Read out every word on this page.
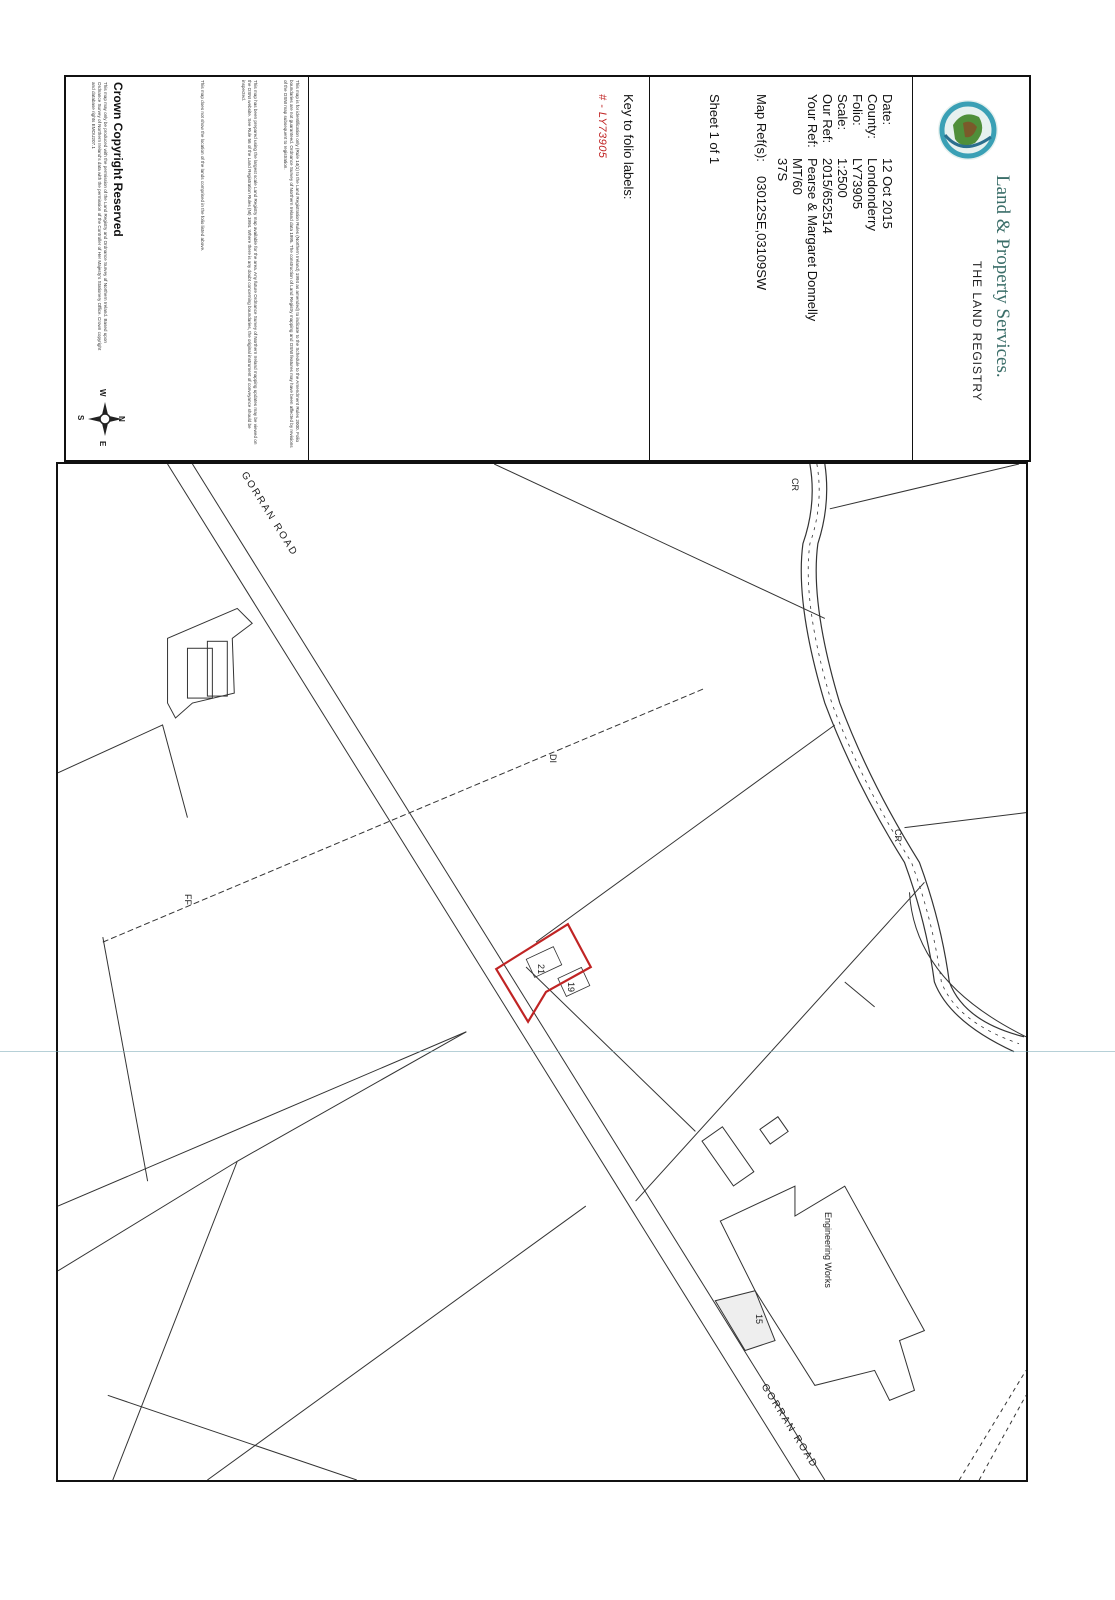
Land & Property Services.
THE LAND REGISTRY
Date:
12 Oct 2015
County:
Londonderry
Folio:
LY73905
Scale:
1:2500
Our Ref:
2015/652514
Your Ref:
Pearse & Margaret Donnelly
MT/60
37S
Map Ref(s):
03012SE,03109SW
Sheet 1 of 1
Key to folio labels:
# - LY73905
This map is for identification only (Rule 14(1) to the Land Registration Rules (Northern Ireland) 1994 as amended) to indicate to the Schedule to the Amendment Rules 2000. Folio boundaries are not guaranteed. Ordnance Survey of Northern Ireland data 1995. The construction of Land Registry mapping and OSNI features may have been affected by revisions of the OSNI map subsequent to registration.
This map has been prepared using the largest scale Land Registry map available for the area. Any future Ordnance Survey of Northern Ireland mapping updates may be viewed on the OSNI website. See Rule 56 of the Land Registration Rules (NI) 1994. Where there is any doubt concerning boundaries, the original instrument of conveyance should be inspected.
This map does not show the location of the lands comprised in the folio listed above.
Crown Copyright Reserved
This map may only be produced with the permission of the Land Registry and Ordnance Survey of Northern Ireland. Based upon Ordnance Survey of Northern Ireland's data with the permission of the Controller of Her Majesty's Stationery Office. Crown copyright and database rights EMOU207.1
N
E
S
W
GORRAN ROAD
GORRAN ROAD
CR
CR
DI
FF
21
19
Engineering Works
15
